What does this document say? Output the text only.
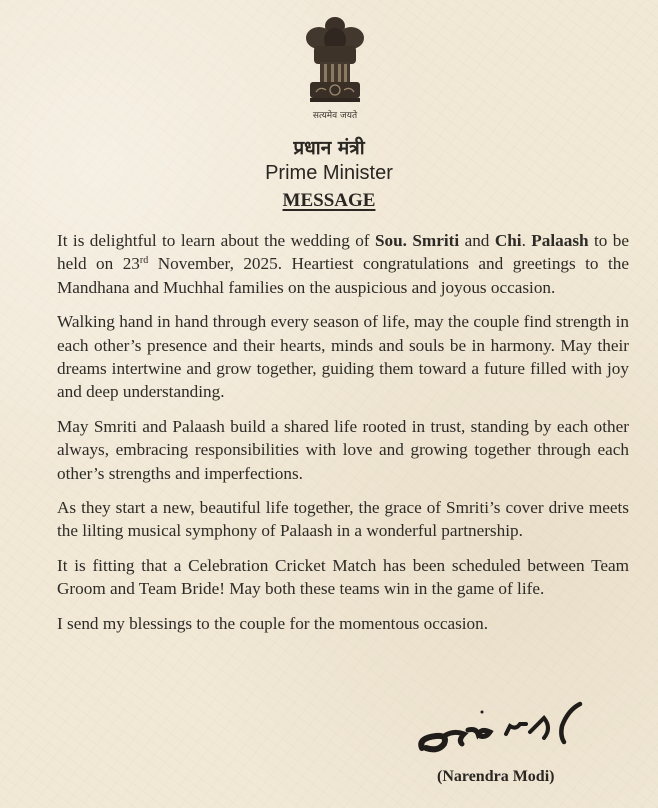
सत्यमेव जयते
प्रधान मंत्री
Prime Minister
MESSAGE

It is delightful to learn about the wedding of Sou. Smriti and Chi. Palaash to be held on 23rd November, 2025. Heartiest congratulations and greetings to the Mandhana and Muchhal families on the auspicious and joyous occasion.

Walking hand in hand through every season of life, may the couple find strength in each other’s presence and their hearts, minds and souls be in harmony. May their dreams intertwine and grow together, guiding them toward a future filled with joy and deep understanding.

May Smriti and Palaash build a shared life rooted in trust, standing by each other always, embracing responsibilities with love and growing together through each other’s strengths and imperfections.

As they start a new, beautiful life together, the grace of Smriti’s cover drive meets the lilting musical symphony of Palaash in a wonderful partnership.

It is fitting that a Celebration Cricket Match has been scheduled between Team Groom and Team Bride! May both these teams win in the game of life.

I send my blessings to the couple for the momentous occasion.

(Narendra Modi)
